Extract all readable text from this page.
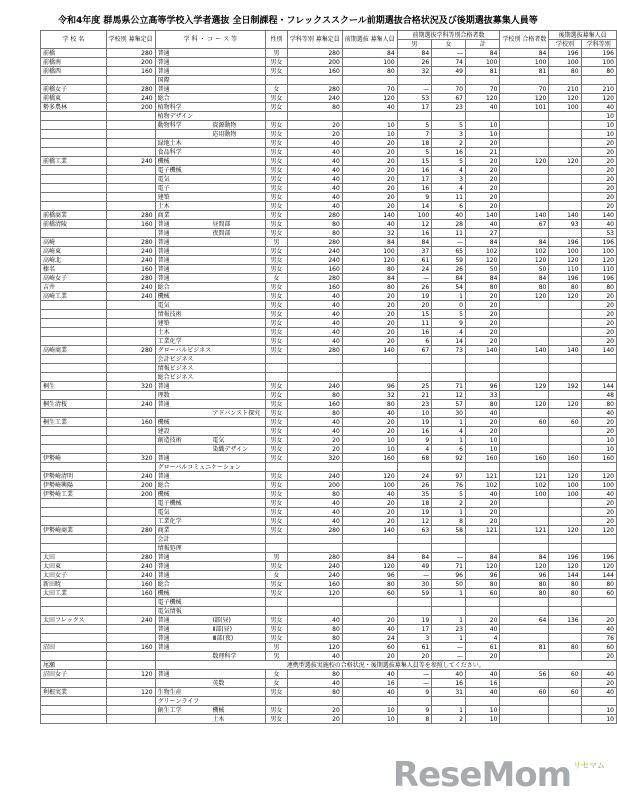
令和4年度 群馬県公立高等学校入学者選抜 全日制課程・フレックススクール前期選抜合格状況及び後期選抜募集人員等
学 校 名	学校別 募集定員	学 科 ・ コ ー ス 等	性別	学科等別 募集定員	前期選抜 募集人員	前期選抜学科等別合格者数			学校別 合格者数	後期選抜募集人員	
						男	女	計		学校別	学科等別
前橋	280	普通	男	280	84	84	—	84	84	196	196
前橋南	200	普通	男女	200	100	26	74	100	100	100	100
前橋西	160	普通	男女	160	80	32	49	81	81	80	80
		国際									
前橋女子	280	普通	女	280	70	—	70	70	70	210	210
前橋東	240	総合	男女	240	120	53	67	120	120	120	120
勢多農林	200	植物科学	男女	80	40	17	23	40	101	100	40
		植物デザイン									10
		動物科学 資源動物	男女	20	10	5	5	10			10
		応用動物	男女	20	10	7	3	10			10
		緑地土木	男女	40	20	18	2	20			20
		食品科学	男女	40	20	5	16	21			20
前橋工業	240	機械	男女	40	20	15	5	20	120	120	20
		電子機械	男女	40	20	16	4	20			20
		電気	男女	40	20	17	3	20			20
		電子	男女	40	20	16	4	20			20
		建築	男女	40	20	9	11	20			20
		土木	男女	40	20	14	6	20			20
前橋商業	280	商業	男女	280	140	100	40	140	140	140	140
前橋清陵	160	普通 昼間部	男女	80	40	12	28	40	67	93	40
		普通 夜間部	男女	80	32	16	11	27			53
高崎	280	普通	男	280	84	84	—	84	84	196	196
高崎東	240	普通	男女	240	100	37	65	102	102	100	100
高崎北	240	普通	男女	240	120	61	59	120	120	120	120
榛名	160	普通	男女	160	80	24	26	50	50	110	110
高崎女子	280	普通	女	280	84	—	84	84	84	196	196
吉井	240	総合	男女	160	80	26	54	80	80	80	80
高崎工業	240	機械	男女	40	20	19	1	20	120	120	20
		電気	男女	40	20	20	0	20			20
		情報技術	男女	40	20	15	5	20			20
		建築	男女	40	20	11	9	20			20
		土木	男女	40	20	16	4	20			20
		工業化学	男女	40	20	6	14	20			20
高崎商業	280	グローバルビジネス	男女	280	140	67	73	140	140	140	140
		会計ビジネス									
		情報ビジネス									
		総合ビジネス									
桐生	320	普通	男女	240	96	25	71	96	129	192	144
		理数	男女	80	32	21	12	33			48
桐生清桜	240	普通	男女	160	80	23	57	80	120	120	80
		アドバンスト探究	男女	80	40	10	30	40			40
桐生工業	160	機械	男女	40	20	19	1	20	60	60	20
		建設	男女	40	20	16	4	20			20
		創造技術 電気	男女	20	10	9	1	10			10
		染織デザイン	男女	20	10	4	6	10			10
伊勢崎	320	普通	男女	320	160	68	92	160	160	160	160
		グローバルコミュニケーション									
伊勢崎清明	240	普通	男女	240	120	24	97	121	121	120	120
伊勢崎興陽	200	総合	男女	200	100	26	76	102	102	100	100
伊勢崎工業	200	機械	男女	80	40	35	5	40	100	100	40
		電子機械	男女	40	20	18	2	20			20
		電気	男女	40	20	19	1	20			20
		工業化学	男女	40	20	12	8	20			20
伊勢崎商業	280	商業	男女	280	140	63	58	121	121	120	120
		会計									
		情報処理									
太田	280	普通	男	280	84	84	—	84	84	196	196
太田東	240	普通	男女	240	120	49	71	120	120	120	120
太田女子	240	普通	女	240	96	—	96	96	96	144	144
新田暁	160	総合	男女	160	80	30	50	80	80	80	80
太田工業	160	機械	男女	120	60	59	1	60	80	80	60
		電子機械									
		電気情報									
太田フレックス	240	普通 Ⅰ部(昼)	男女	40	20	19	1	20	64	136	20
		普通 Ⅱ部(昼)	男女	80	40	17	23	40			40
		普通 Ⅲ部(夜)	男女	80	24	3	1	4			76
沼田	160	普通	男	120	60	61	—	61	81	80	60
		数理科学	男	40	20	20	—	20			20
尾瀬		連携型選抜実施校の合格状況・後期選抜募集人員等を参照してください。									
沼田女子	120	普通	女	80	40	—	40	40	56	60	40
		英数	女	40	16	—	16	16			20
利根実業	120	生物生産	男女	80	40	9	31	40	60	60	40
		グリーンライフ									
		創生工学 機械	男女	20	10	9	1	10			10
		土木	男女	20	10	8	2	10			10
ReseMom リセマム
